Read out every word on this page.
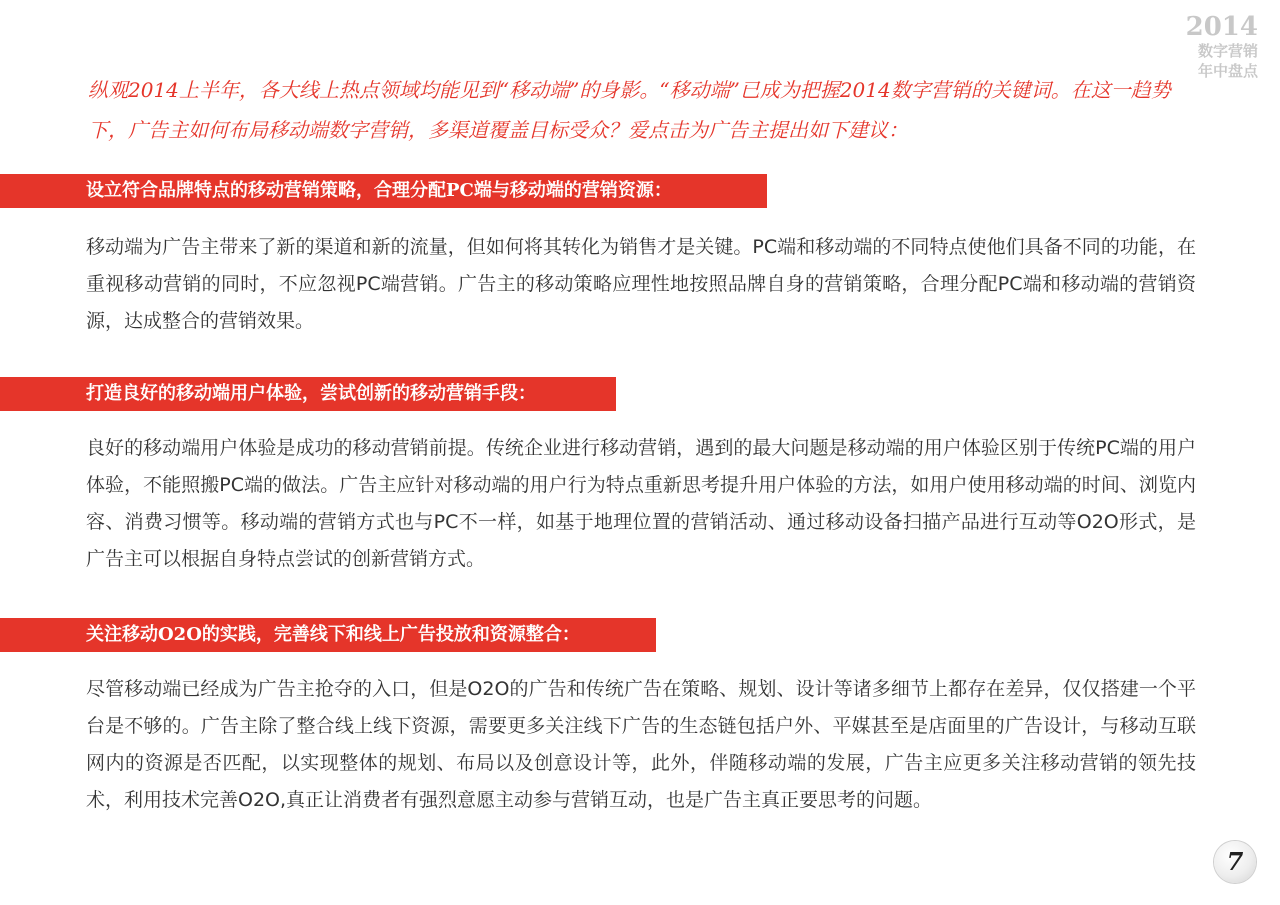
2014
数字营销
年中盘点
纵观2014上半年，各大线上热点领域均能见到“移动端”的身影。“移动端”已成为把握2014数字营销的关键词。在这一趋势下，广告主如何布局移动端数字营销，多渠道覆盖目标受众？爱点击为广告主提出如下建议：
设立符合品牌特点的移动营销策略，合理分配PC端与移动端的营销资源：
移动端为广告主带来了新的渠道和新的流量，但如何将其转化为销售才是关键。PC端和移动端的不同特点使他们具备不同的功能，在重视移动营销的同时，不应忽视PC端营销。广告主的移动策略应理性地按照品牌自身的营销策略，合理分配PC端和移动端的营销资源，达成整合的营销效果。
打造良好的移动端用户体验，尝试创新的移动营销手段：
良好的移动端用户体验是成功的移动营销前提。传统企业进行移动营销，遇到的最大问题是移动端的用户体验区别于传统PC端的用户体验，不能照搬PC端的做法。广告主应针对移动端的用户行为特点重新思考提升用户体验的方法，如用户使用移动端的时间、浏览内容、消费习惯等。移动端的营销方式也与PC不一样，如基于地理位置的营销活动、通过移动设备扫描产品进行互动等O2O形式，是广告主可以根据自身特点尝试的创新营销方式。
关注移动O2O的实践，完善线下和线上广告投放和资源整合：
尽管移动端已经成为广告主抢夺的入口，但是O2O的广告和传统广告在策略、规划、设计等诸多细节上都存在差异，仅仅搭建一个平台是不够的。广告主除了整合线上线下资源，需要更多关注线下广告的生态链包括户外、平媒甚至是店面里的广告设计，与移动互联网内的资源是否匹配，以实现整体的规划、布局以及创意设计等，此外，伴随移动端的发展，广告主应更多关注移动营销的领先技术，利用技术完善O2O,真正让消费者有强烈意愿主动参与营销互动，也是广告主真正要思考的问题。
7
